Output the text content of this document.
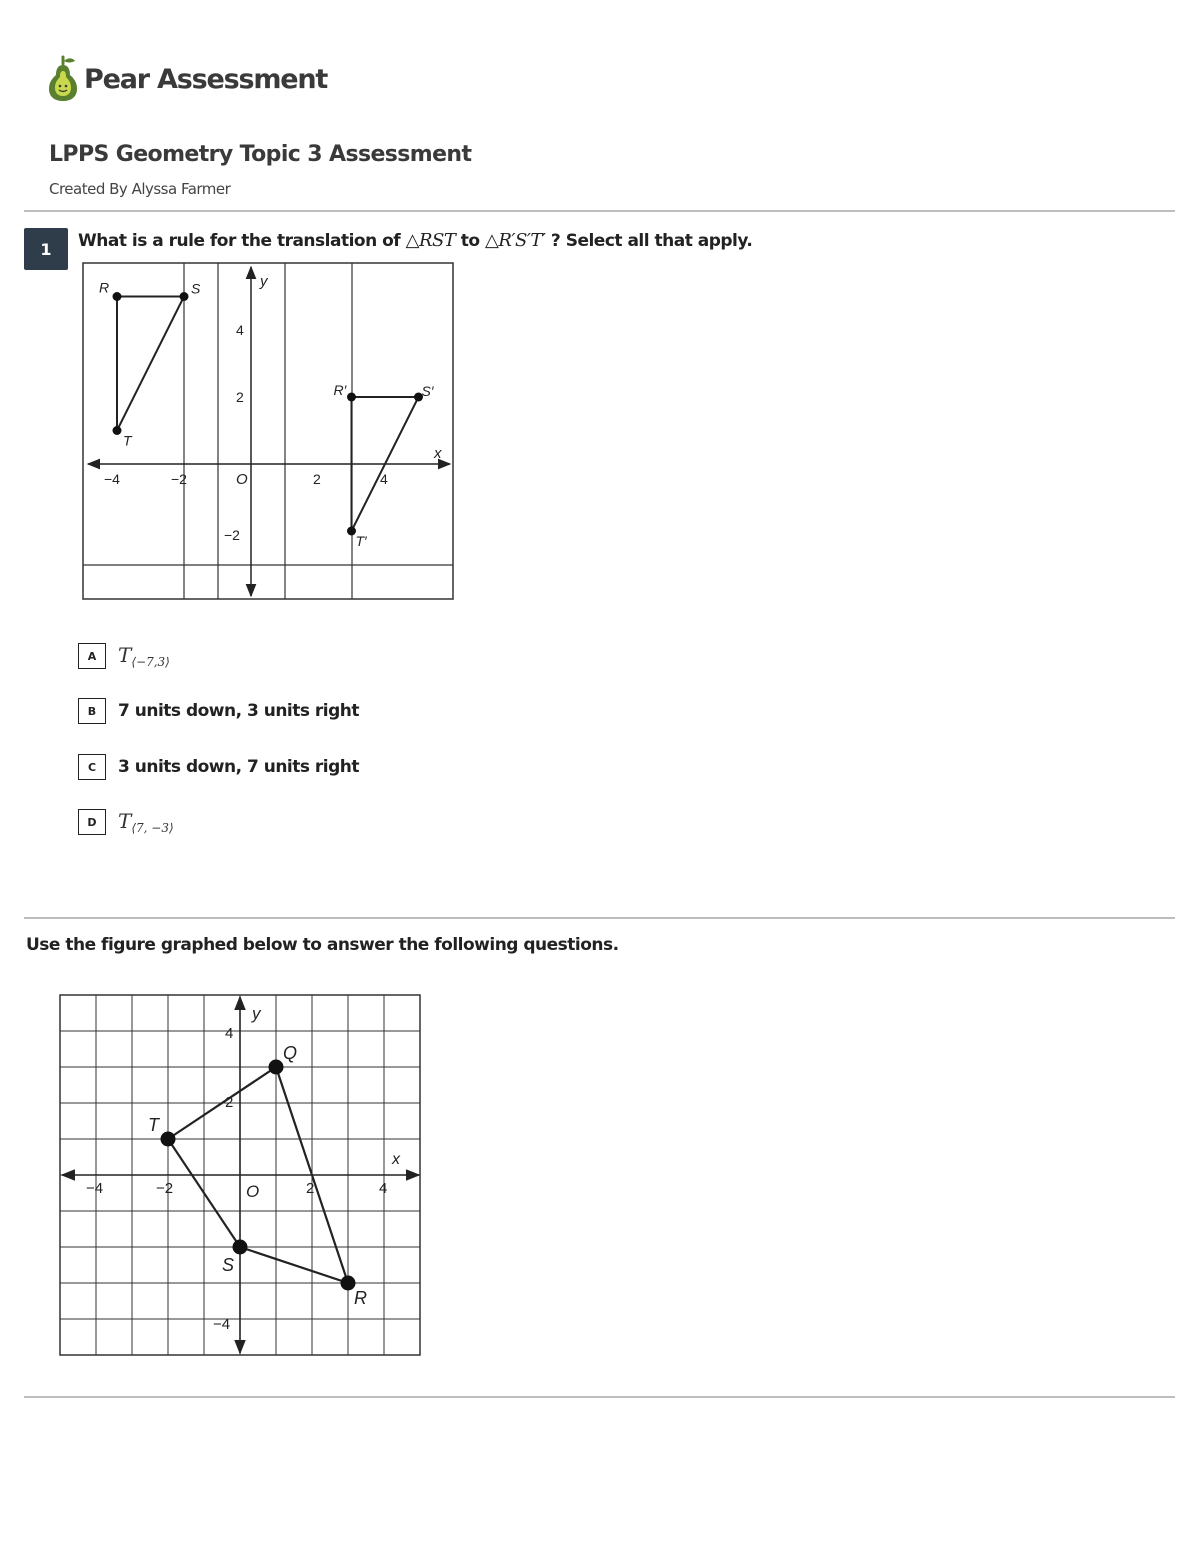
Pear Assessment
LPPS Geometry Topic 3 Assessment
Created By Alyssa Farmer
1	What is a rule for the translation of △RST to △R′S′T′ ? Select all that apply.
y
x
O
−4	−2	2	4
4
2
−2
R	S
T
R′	S′
T′
A	$T_{⟨-7,3⟩}$
B	7 units down, 3 units right
C	3 units down, 7 units right
D	$T_{⟨7, -3⟩}$
Use the figure graphed below to answer the following questions.
y
x
O
−4	−2	2	4
4
2
−4
Q
T
S
R
